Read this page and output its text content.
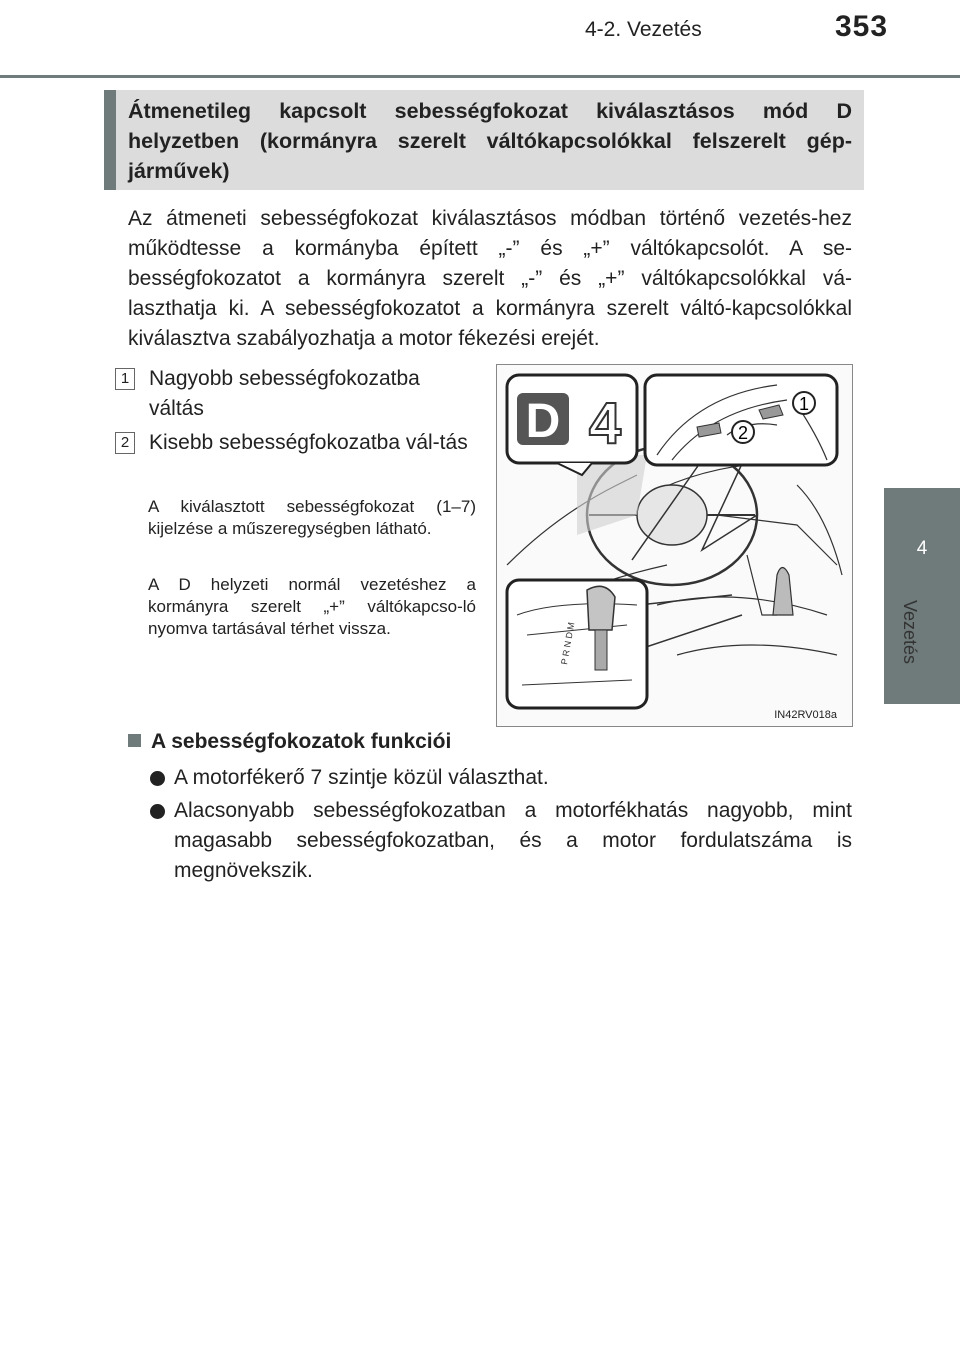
4-2. Vezetés	353
4
Vezetés

Átmenetileg kapcsolt sebességfokozat kiválasztásos mód D helyzetben (kormányra szerelt váltókapcsolókkal felszerelt gép-járművek)

Az átmeneti sebességfokozat kiválasztásos módban történő vezetés-hez működtesse a kormányba épített „-” és „+” váltókapcsolót. A se-bességfokozatot a kormányra szerelt „-” és „+” váltókapcsolókkal vá-laszthatja ki. A sebességfokozatot a kormányra szerelt váltó-kapcsolókkal kiválasztva szabályozhatja a motor fékezési erejét.

1 Nagyobb sebességfokozatba váltás
2 Kisebb sebességfokozatba vál-tás

A kiválasztott sebességfokozat (1–7) kijelzése a műszeregységben látható.

A D helyzeti normál vezetéshez a kormányra szerelt „+” váltókapcso-ló nyomva tartásával térhet vissza.

D 4	1
2
P R N D M
IN42RV018a
A sebességfokozatok funkciói
A motorfékerő 7 szintje közül választhat.
Alacsonyabb sebességfokozatban a motorfékhatás nagyobb, mint magasabb sebességfokozatban, és a motor fordulatszáma is megnövekszik.
